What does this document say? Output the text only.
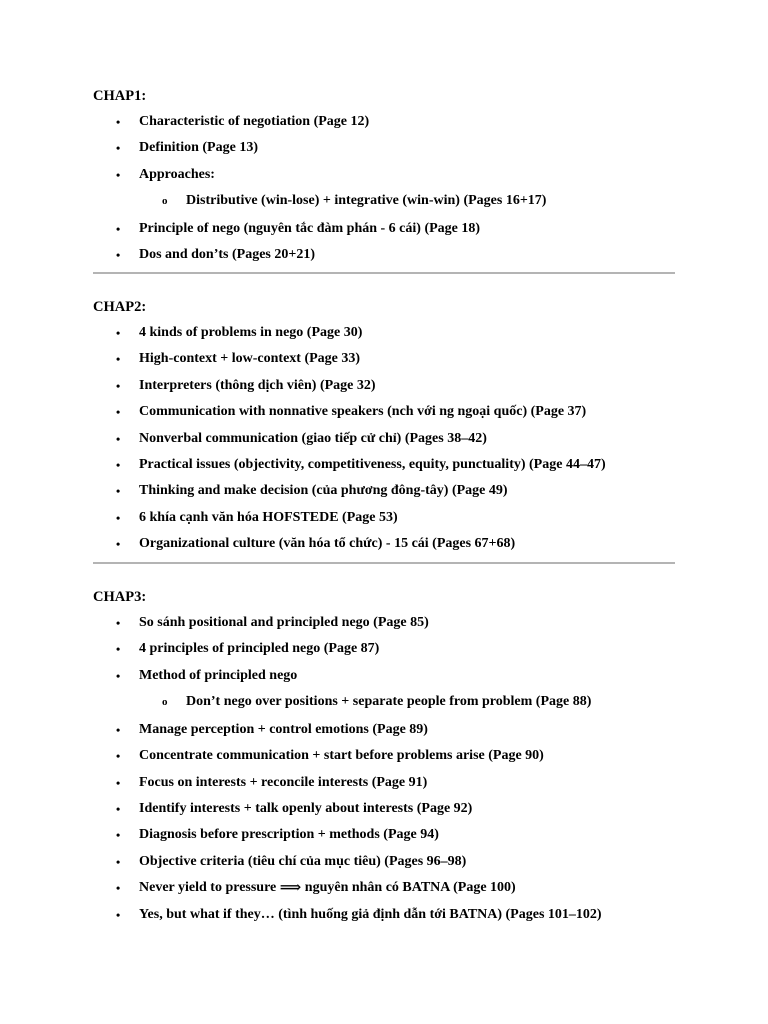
CHAP1:
• Characteristic of negotiation (Page 12)
• Definition (Page 13)
• Approaches:
o Distributive (win-lose) + integrative (win-win) (Pages 16+17)
• Principle of nego (nguyên tắc đàm phán - 6 cái) (Page 18)
• Dos and don’ts (Pages 20+21)
CHAP2:
• 4 kinds of problems in nego (Page 30)
• High-context + low-context (Page 33)
• Interpreters (thông dịch viên) (Page 32)
• Communication with nonnative speakers (nch với ng ngoại quốc) (Page 37)
• Nonverbal communication (giao tiếp cử chỉ) (Pages 38–42)
• Practical issues (objectivity, competitiveness, equity, punctuality) (Page 44–47)
• Thinking and make decision (của phương đông-tây) (Page 49)
• 6 khía cạnh văn hóa HOFSTEDE (Page 53)
• Organizational culture (văn hóa tổ chức) - 15 cái (Pages 67+68)
CHAP3:
• So sánh positional and principled nego (Page 85)
• 4 principles of principled nego (Page 87)
• Method of principled nego
o Don’t nego over positions + separate people from problem (Page 88)
• Manage perception + control emotions (Page 89)
• Concentrate communication + start before problems arise (Page 90)
• Focus on interests + reconcile interests (Page 91)
• Identify interests + talk openly about interests (Page 92)
• Diagnosis before prescription + methods (Page 94)
• Objective criteria (tiêu chí của mục tiêu) (Pages 96–98)
• Never yield to pressure ⟹ nguyên nhân có BATNA (Page 100)
• Yes, but what if they… (tình huống giả định dẫn tới BATNA) (Pages 101–102)
